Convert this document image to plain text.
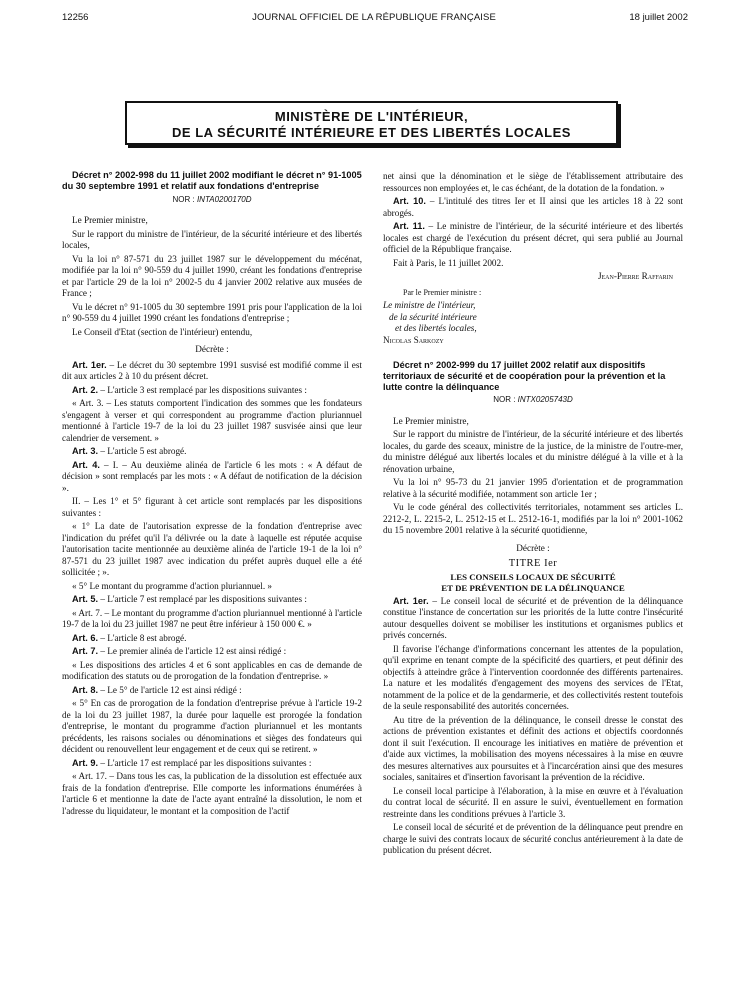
12256	JOURNAL OFFICIEL DE LA RÉPUBLIQUE FRANÇAISE	18 juillet 2002
MINISTÈRE DE L'INTÉRIEUR,
DE LA SÉCURITÉ INTÉRIEURE ET DES LIBERTÉS LOCALES

Décret n° 2002-998 du 11 juillet 2002 modifiant le décret n° 91-1005 du 30 septembre 1991 et relatif aux fondations d'entreprise

NOR : INTA0200170D

Le Premier ministre,

Sur le rapport du ministre de l'intérieur, de la sécurité intérieure et des libertés locales,

Vu la loi n° 87-571 du 23 juillet 1987 sur le développement du mécénat, modifiée par la loi n° 90-559 du 4 juillet 1990, créant les fondations d'entreprise et par l'article 29 de la loi n° 2002-5 du 4 janvier 2002 relative aux musées de France ;

Vu le décret n° 91-1005 du 30 septembre 1991 pris pour l'application de la loi n° 90-559 du 4 juillet 1990 créant les fondations d'entreprise ;

Le Conseil d'Etat (section de l'intérieur) entendu,

Décrète :

Art. 1er. – Le décret du 30 septembre 1991 susvisé est modifié comme il est dit aux articles 2 à 10 du présent décret.

Art. 2. – L'article 3 est remplacé par les dispositions suivantes :

« Art. 3. – Les statuts comportent l'indication des sommes que les fondateurs s'engagent à verser et qui correspondent au programme d'action pluriannuel mentionné à l'article 19-7 de la loi du 23 juillet 1987 susvisée ainsi que leur calendrier de versement. »

Art. 3. – L'article 5 est abrogé.

Art. 4. – I. – Au deuxième alinéa de l'article 6 les mots : « A défaut de décision » sont remplacés par les mots : « A défaut de notification de la décision ».

II. – Les 1° et 5° figurant à cet article sont remplacés par les dispositions suivantes :

« 1° La date de l'autorisation expresse de la fondation d'entreprise avec l'indication du préfet qu'il l'a délivrée ou la date à laquelle est réputée acquise l'autorisation tacite mentionnée au deuxième alinéa de l'article 19-1 de la loi n° 87-571 du 23 juillet 1987 avec indication du préfet auprès duquel elle a été sollicitée ; ».

« 5° Le montant du programme d'action pluriannuel. »

Art. 5. – L'article 7 est remplacé par les dispositions suivantes :

« Art. 7. – Le montant du programme d'action pluriannuel mentionné à l'article 19-7 de la loi du 23 juillet 1987 ne peut être inférieur à 150 000 €. »

Art. 6. – L'article 8 est abrogé.

Art. 7. – Le premier alinéa de l'article 12 est ainsi rédigé :

« Les dispositions des articles 4 et 6 sont applicables en cas de demande de modification des statuts ou de prorogation de la fondation d'entreprise. »

Art. 8. – Le 5° de l'article 12 est ainsi rédigé :

« 5° En cas de prorogation de la fondation d'entreprise prévue à l'article 19-2 de la loi du 23 juillet 1987, la durée pour laquelle est prorogée la fondation d'entreprise, le montant du programme d'action pluriannuel et les montants précédents, les raisons sociales ou dénominations et sièges des fondateurs qui décident ou renouvellent leur engagement et de ceux qui se retirent. »

Art. 9. – L'article 17 est remplacé par les dispositions suivantes :

« Art. 17. – Dans tous les cas, la publication de la dissolution est effectuée aux frais de la fondation d'entreprise. Elle comporte les informations énumérées à l'article 6 et mentionne la date de l'acte ayant entraîné la dissolution, le nom et l'adresse du liquidateur, le montant et la composition de l'actif

net ainsi que la dénomination et le siège de l'établissement attributaire des ressources non employées et, le cas échéant, de la dotation de la fondation. »

Art. 10. – L'intitulé des titres Ier et II ainsi que les articles 18 à 22 sont abrogés.

Art. 11. – Le ministre de l'intérieur, de la sécurité intérieure et des libertés locales est chargé de l'exécution du présent décret, qui sera publié au Journal officiel de la République française.

Fait à Paris, le 11 juillet 2002.

Jean-Pierre Raffarin

Par le Premier ministre :

Le ministre de l'intérieur,

de la sécurité intérieure

et des libertés locales,

Nicolas Sarkozy

Décret n° 2002-999 du 17 juillet 2002 relatif aux dispositifs territoriaux de sécurité et de coopération pour la prévention et la lutte contre la délinquance

NOR : INTX0205743D

Le Premier ministre,

Sur le rapport du ministre de l'intérieur, de la sécurité intérieure et des libertés locales, du garde des sceaux, ministre de la justice, de la ministre de l'outre-mer, du ministre délégué aux libertés locales et du ministre délégué à la ville et à la rénovation urbaine,

Vu la loi n° 95-73 du 21 janvier 1995 d'orientation et de programmation relative à la sécurité modifiée, notamment son article 1er ;

Vu le code général des collectivités territoriales, notamment ses articles L. 2212-2, L. 2215-2, L. 2512-15 et L. 2512-16-1, modifiés par la loi n° 2001-1062 du 15 novembre 2001 relative à la sécurité quotidienne,

Décrète :

TITRE Ier

LES CONSEILS LOCAUX DE SÉCURITÉ

ET DE PRÉVENTION DE LA DÉLINQUANCE

Art. 1er. – Le conseil local de sécurité et de prévention de la délinquance constitue l'instance de concertation sur les priorités de la lutte contre l'insécurité autour desquelles doivent se mobiliser les institutions et organismes publics et privés concernés.

Il favorise l'échange d'informations concernant les attentes de la population, qu'il exprime en tenant compte de la spécificité des quartiers, et peut définir des objectifs à atteindre grâce à l'intervention coordonnée des différents partenaires. La nature et les modalités d'engagement des moyens des services de l'Etat, notamment de la police et de la gendarmerie, et des collectivités restent toutefois de la seule responsabilité des autorités concernées.

Au titre de la prévention de la délinquance, le conseil dresse le constat des actions de prévention existantes et définit des actions et objectifs coordonnés dont il suit l'exécution. Il encourage les initiatives en matière de prévention et d'aide aux victimes, la mobilisation des moyens nécessaires à la mise en œuvre des mesures alternatives aux poursuites et à l'incarcération ainsi que des mesures sociales, sanitaires et d'insertion favorisant la prévention de la récidive.

Le conseil local participe à l'élaboration, à la mise en œuvre et à l'évaluation du contrat local de sécurité. Il en assure le suivi, éventuellement en formation restreinte dans les conditions prévues à l'article 3.

Le conseil local de sécurité et de prévention de la délinquance peut prendre en charge le suivi des contrats locaux de sécurité conclus antérieurement à la date de publication du présent décret.
